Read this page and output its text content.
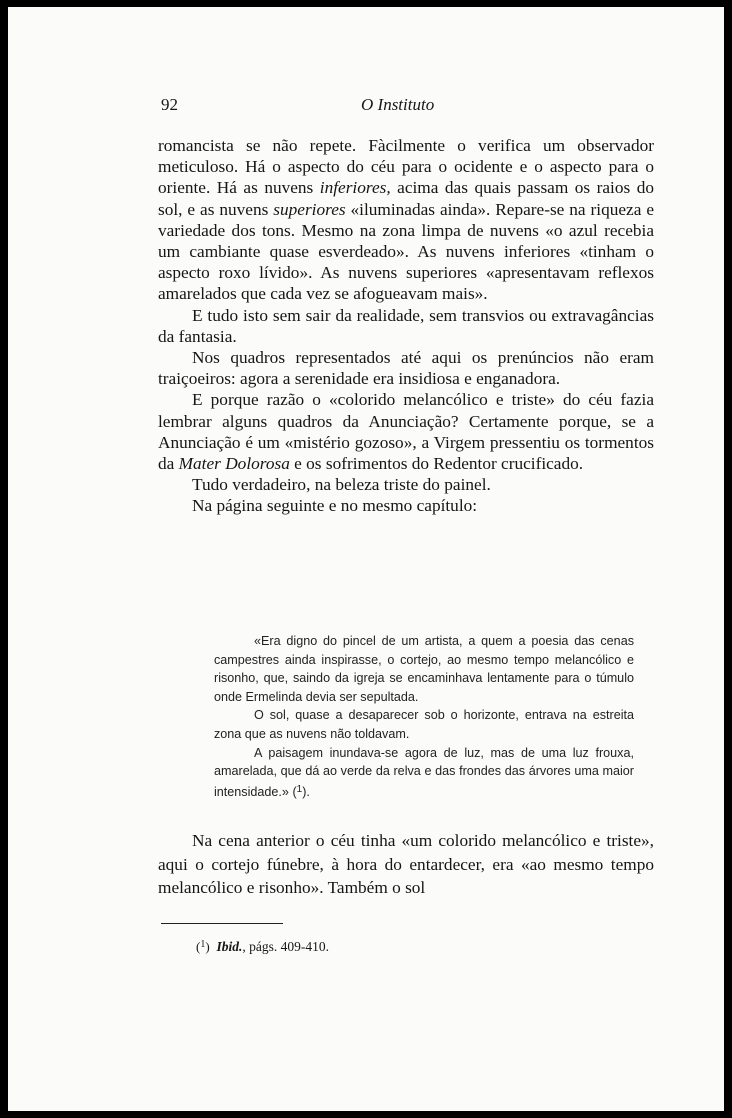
92	O Instituto

romancista se não repete. Fàcilmente o verifica um observador meticuloso. Há o aspecto do céu para o ocidente e o aspecto para o oriente. Há as nuvens inferiores, acima das quais passam os raios do sol, e as nuvens superiores «iluminadas ainda». Repare-se na riqueza e variedade dos tons. Mesmo na zona limpa de nuvens «o azul recebia um cambiante quase esverdeado». As nuvens inferiores «tinham o aspecto roxo lívido». As nuvens superiores «apresentavam reflexos amarelados que cada vez se afogueavam mais».

E tudo isto sem sair da realidade, sem transvios ou extravagâncias da fantasia.

Nos quadros representados até aqui os prenúncios não eram traiçoeiros: agora a serenidade era insidiosa e enganadora.

E porque razão o «colorido melancólico e triste» do céu fazia lembrar alguns quadros da Anunciação? Certamente porque, se a Anunciação é um «mistério gozoso», a Virgem pressentiu os tormentos da Mater Dolorosa e os sofrimentos do Redentor crucificado.

Tudo verdadeiro, na beleza triste do painel.

Na página seguinte e no mesmo capítulo:

«Era digno do pincel de um artista, a quem a poesia das cenas campestres ainda inspirasse, o cortejo, ao mesmo tempo melancólico e risonho, que, saindo da igreja se encaminhava lentamente para o túmulo onde Ermelinda devia ser sepultada.

O sol, quase a desaparecer sob o horizonte, entrava na estreita zona que as nuvens não toldavam.

A paisagem inundava-se agora de luz, mas de uma luz frouxa, amarelada, que dá ao verde da relva e das frondes das árvores uma maior intensidade.» ($^1$).

Na cena anterior o céu tinha «um colorido melancólico e triste», aqui o cortejo fúnebre, à hora do entardecer, era «ao mesmo tempo melancólico e risonho». Também o sol

($^1$) Ibid., págs. 409-410.
